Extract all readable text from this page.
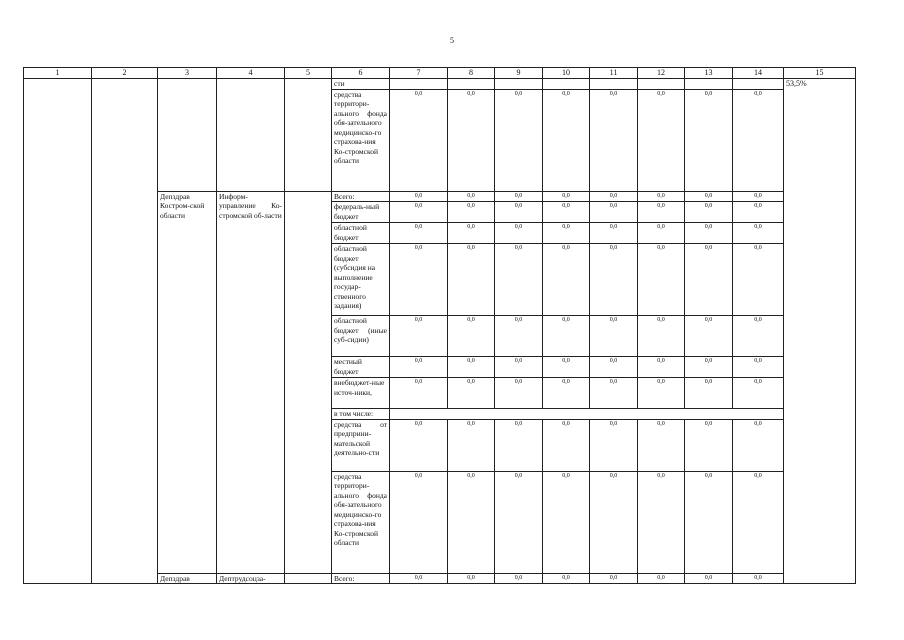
5
1	2	3	4	5	6	7	8	9	10	11	12	13	14	15
					сти									53,5%
					средства территори-ального фонда обя-зательного медицинско-го страхова-ния Ко-стромской области	0,0	0,0	0,0	0,0	0,0	0,0	0,0	0,0	
		Депздрав Костром-ской области	Информ-управление Ко-стромской об-ласти		Всего:	0,0	0,0	0,0	0,0	0,0	0,0	0,0	0,0	
					федераль-ный бюджет	0,0	0,0	0,0	0,0	0,0	0,0	0,0	0,0	
					областной бюджет	0,0	0,0	0,0	0,0	0,0	0,0	0,0	0,0	
					областной бюджет (субсидия на выполнение государ-ственного задания)	0,0	0,0	0,0	0,0	0,0	0,0	0,0	0,0	
					областной бюджет (иные суб-сидии)	0,0	0,0	0,0	0,0	0,0	0,0	0,0	0,0	
					местный бюджет	0,0	0,0	0,0	0,0	0,0	0,0	0,0	0,0	
					внебюджет-ные источ-ники,	0,0	0,0	0,0	0,0	0,0	0,0	0,0	0,0	
					в том числе:									
					средства от предприни-мательской деятельно-сти	0,0	0,0	0,0	0,0	0,0	0,0	0,0	0,0	
					средства территори-ального фонда обя-зательного медицинско-го страхова-ния Ко-стромской области	0,0	0,0	0,0	0,0	0,0	0,0	0,0	0,0	
		Депздрав	Дептрудсоцза-		Всего:	0,0	0,0	0,0	0,0	0,0	0,0	0,0	0,0	
